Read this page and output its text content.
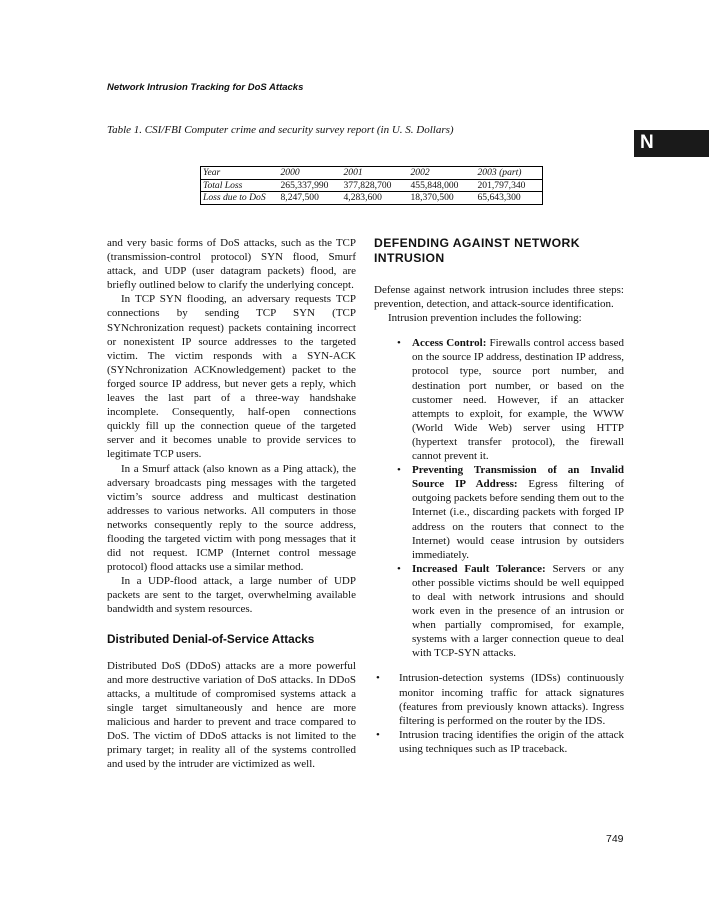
Network Intrusion Tracking for DoS Attacks
N
Table 1. CSI/FBI Computer crime and security survey report (in U. S. Dollars)
Year	2000	2001	2002	2003 (part)
Total Loss	265,337,990	377,828,700	455,848,000	201,797,340
Loss due to DoS	8,247,500	4,283,600	18,370,500	65,643,300

and very basic forms of DoS attacks, such as the TCP (transmission-control protocol) SYN flood, Smurf attack, and UDP (user datagram packets) flood, are briefly outlined below to clarify the underlying concept.

In TCP SYN flooding, an adversary requests TCP connections by sending TCP SYN (TCP SYNchronization request) packets containing incorrect or nonexistent IP source addresses to the targeted victim. The victim responds with a SYN-ACK (SYNchronization ACKnowledgement) packet to the forged source IP address, but never gets a reply, which leaves the last part of a three-way handshake incomplete. Consequently, half-open connections quickly fill up the connection queue of the targeted server and it becomes unable to provide services to legitimate TCP users.

In a Smurf attack (also known as a Ping attack), the adversary broadcasts ping messages with the targeted victim’s source address and multicast destination addresses to various networks. All computers in those networks consequently reply to the source address, flooding the targeted victim with pong messages that it did not request. ICMP (Internet control message protocol) flood attacks use a similar method.

In a UDP-flood attack, a large number of UDP packets are sent to the target, overwhelming available bandwidth and system resources.

Distributed Denial-of-Service Attacks

Distributed DoS (DDoS) attacks are a more powerful and more destructive variation of DoS attacks. In DDoS attacks, a multitude of compromised systems attack a single target simultaneously and hence are more malicious and harder to prevent and trace compared to DoS. The victim of DDoS attacks is not limited to the primary target; in reality all of the systems controlled and used by the intruder are victimized as well.

DEFENDING AGAINST NETWORK INTRUSION

Defense against network intrusion includes three steps: prevention, detection, and attack-source identification.

Intrusion prevention includes the following:

• Access Control: Firewalls control access based on the source IP address, destination IP address, protocol type, source port number, and destination port number, or based on the customer need. However, if an attacker attempts to exploit, for example, the WWW (World Wide Web) server using HTTP (hypertext transfer protocol), the firewall cannot prevent it.
• Preventing Transmission of an Invalid Source IP Address: Egress filtering of outgoing packets before sending them out to the Internet (i.e., discarding packets with forged IP address on the routers that connect to the Internet) would cease intrusion by outsiders immediately.
• Increased Fault Tolerance: Servers or any other possible victims should be well equipped to deal with network intrusions and should work even in the presence of an intrusion or when partially compromised, for example, systems with a larger connection queue to deal with TCP-SYN attacks.
• Intrusion-detection systems (IDSs) continuously monitor incoming traffic for attack signatures (features from previously known attacks). Ingress filtering is performed on the router by the IDS.
• Intrusion tracing identifies the origin of the attack using techniques such as IP traceback.
749
